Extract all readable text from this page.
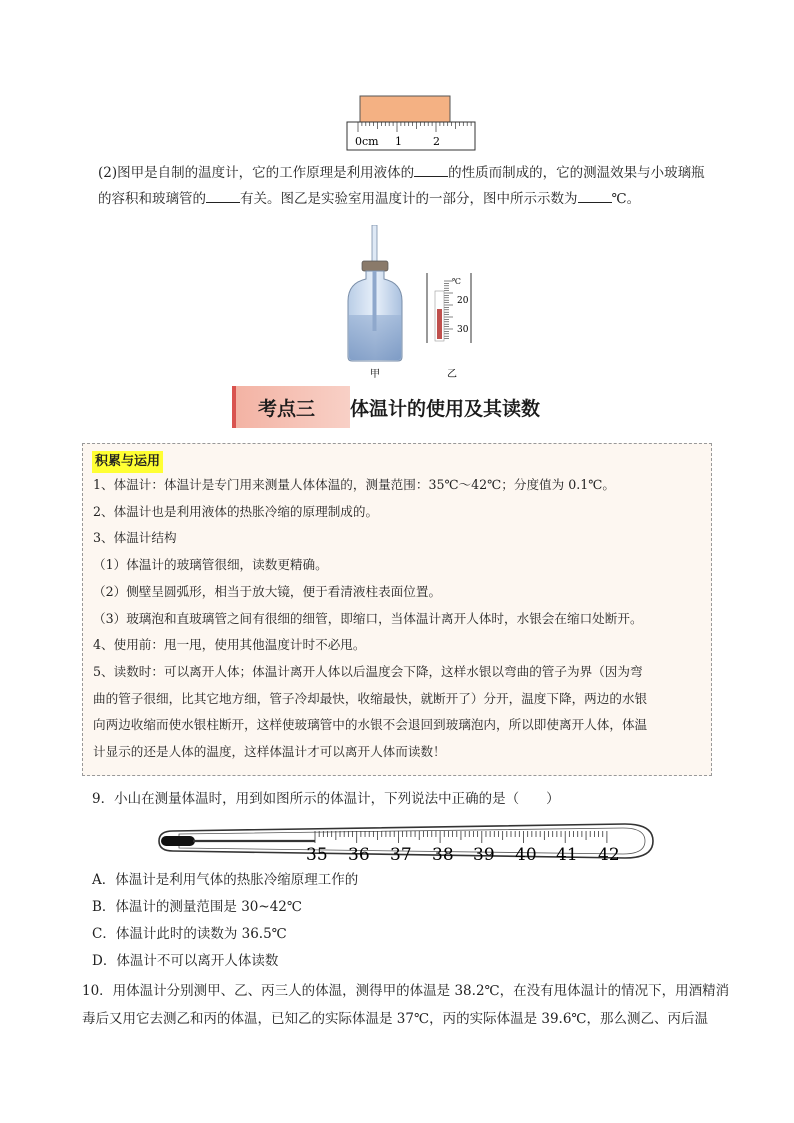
0cm 1	2
(2)图甲是自制的温度计，它的工作原理是利用液体的	的性质而制成的，它的测温效果与小玻璃瓶
的容积和玻璃管的	有关。图乙是实验室用温度计的一部分，图中所示示数为	℃。
℃
20
30
甲	乙
考点三 体温计的使用及其读数
积累与运用
1、体温计：体温计是专门用来测量人体体温的，测量范围：35℃～42℃；分度值为 0.1℃。
2、体温计也是利用液体的热胀冷缩的原理制成的。
3、体温计结构
（1）体温计的玻璃管很细，读数更精确。
（2）侧壁呈圆弧形，相当于放大镜，便于看清液柱表面位置。
（3）玻璃泡和直玻璃管之间有很细的细管，即缩口，当体温计离开人体时，水银会在缩口处断开。
4、使用前：甩一甩，使用其他温度计时不必甩。
5、读数时：可以离开人体；体温计离开人体以后温度会下降，这样水银以弯曲的管子为界（因为弯
曲的管子很细，比其它地方细，管子冷却最快，收缩最快，就断开了）分开，温度下降，两边的水银
向两边收缩而使水银柱断开，这样使玻璃管中的水银不会退回到玻璃泡内，所以即使离开人体，体温
计显示的还是人体的温度，这样体温计才可以离开人体而读数！
9．小山在测量体温时，用到如图所示的体温计，下列说法中正确的是（　　）
35 36 37 38 39 40 41 42
A．体温计是利用气体的热胀冷缩原理工作的
B．体温计的测量范围是 30~42℃
C．体温计此时的读数为 36.5℃
D．体温计不可以离开人体读数
10．用体温计分别测甲、乙、丙三人的体温，测得甲的体温是 38.2℃，在没有甩体温计的情况下，用酒精消
毒后又用它去测乙和丙的体温，已知乙的实际体温是 37℃，丙的实际体温是 39.6℃，那么测乙、丙后温
